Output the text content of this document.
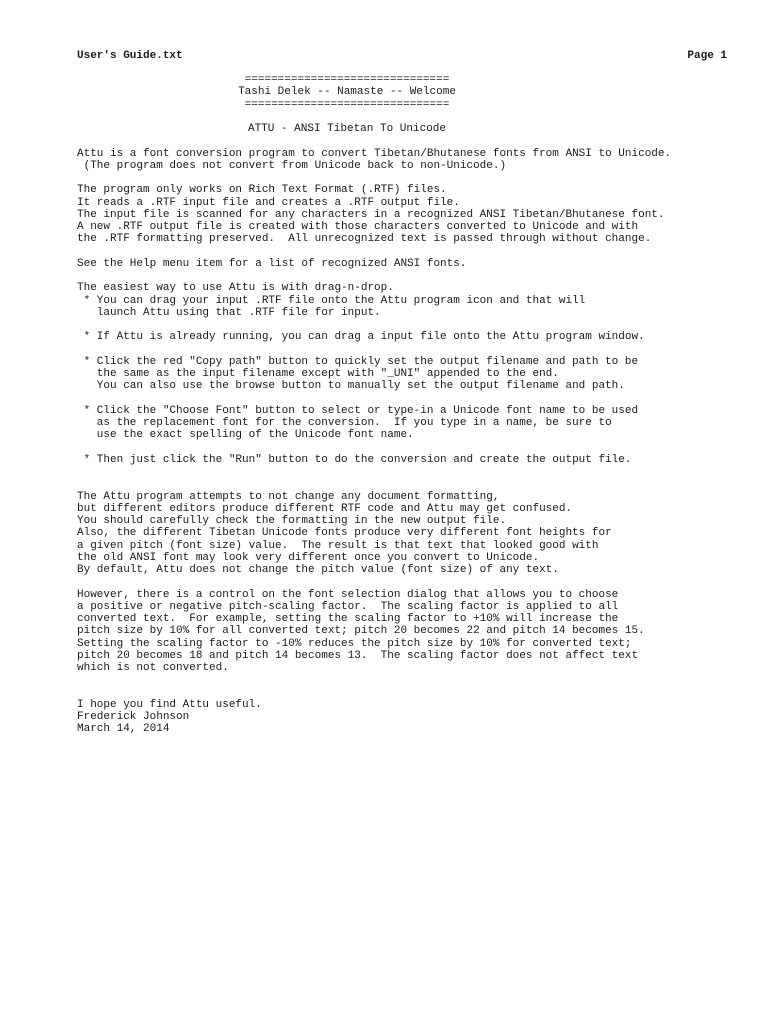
User's Guide.txt	Page 1
===============================
Tashi Delek -- Namaste -- Welcome
===============================
ATTU - ANSI Tibetan To Unicode
Attu is a font conversion program to convert Tibetan/Bhutanese fonts from ANSI to Unicode.
(The program does not convert from Unicode back to non-Unicode.)
The program only works on Rich Text Format (.RTF) files.
It reads a .RTF input file and creates a .RTF output file.
The input file is scanned for any characters in a recognized ANSI Tibetan/Bhutanese font.
A new .RTF output file is created with those characters converted to Unicode and with
the .RTF formatting preserved.  All unrecognized text is passed through without change.
See the Help menu item for a list of recognized ANSI fonts.
The easiest way to use Attu is with drag-n-drop.
* You can drag your input .RTF file onto the Attu program icon and that will
launch Attu using that .RTF file for input.
* If Attu is already running, you can drag a input file onto the Attu program window.
* Click the red "Copy path" button to quickly set the output filename and path to be
the same as the input filename except with "_UNI" appended to the end.
You can also use the browse button to manually set the output filename and path.
* Click the "Choose Font" button to select or type-in a Unicode font name to be used
as the replacement font for the conversion.  If you type in a name, be sure to
use the exact spelling of the Unicode font name.
* Then just click the "Run" button to do the conversion and create the output file.
The Attu program attempts to not change any document formatting,
but different editors produce different RTF code and Attu may get confused.
You should carefully check the formatting in the new output file.
Also, the different Tibetan Unicode fonts produce very different font heights for
a given pitch (font size) value.  The result is that text that looked good with
the old ANSI font may look very different once you convert to Unicode.
By default, Attu does not change the pitch value (font size) of any text.
However, there is a control on the font selection dialog that allows you to choose
a positive or negative pitch-scaling factor.  The scaling factor is applied to all
converted text.  For example, setting the scaling factor to +10% will increase the
pitch size by 10% for all converted text; pitch 20 becomes 22 and pitch 14 becomes 15.
Setting the scaling factor to -10% reduces the pitch size by 10% for converted text;
pitch 20 becomes 18 and pitch 14 becomes 13.  The scaling factor does not affect text
which is not converted.
I hope you find Attu useful.
Frederick Johnson
March 14, 2014
